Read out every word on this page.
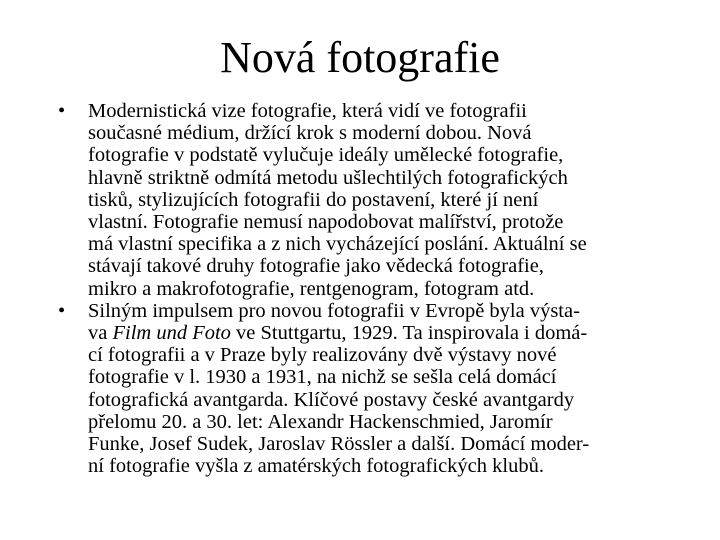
Nová fotografie
•	Modernistická vize fotografie, která vidí ve fotografii
současné médium, držící krok s moderní dobou. Nová
fotografie v podstatě vylučuje ideály umělecké fotografie,
hlavně striktně odmítá metodu ušlechtilých fotografických
tisků, stylizujících fotografii do postavení, které jí není
vlastní. Fotografie nemusí napodobovat malířství, protože
má vlastní specifika a z nich vycházející poslání. Aktuální se
stávají takové druhy fotografie jako vědecká fotografie,
mikro a makrofotografie, rentgenogram, fotogram atd.
•	Silným impulsem pro novou fotografii v Evropě byla výsta-
va Film und Foto ve Stuttgartu, 1929. Ta inspirovala i domá-
cí fotografii a v Praze byly realizovány dvě výstavy nové
fotografie v l. 1930 a 1931, na nichž se sešla celá domácí
fotografická avantgarda. Klíčové postavy české avantgardy
přelomu 20. a 30. let: Alexandr Hackenschmied, Jaromír
Funke, Josef Sudek, Jaroslav Rössler a další. Domácí moder-
ní fotografie vyšla z amatérských fotografických klubů.
